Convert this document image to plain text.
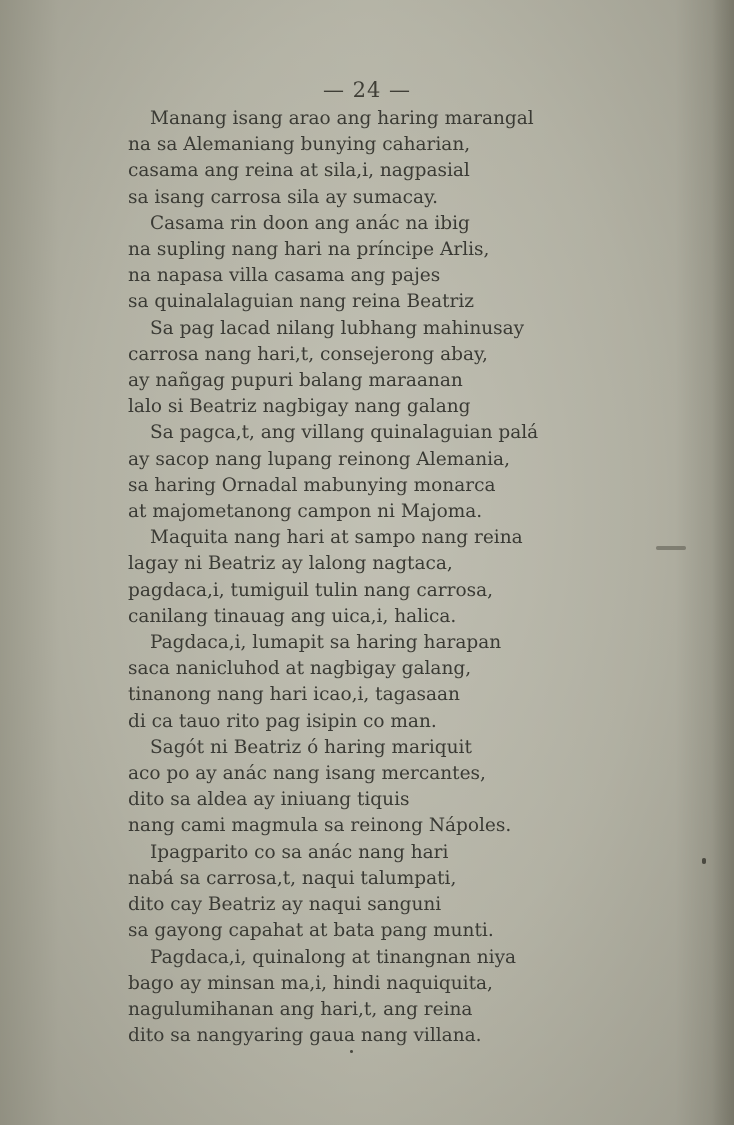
— 24 —
Manang isang arao ang haring marangal
na sa Alemaniang bunying caharian,
casama ang reina at sila,i, nagpasial
sa isang carrosa sila ay sumacay.
Casama rin doon ang anác na ibig
na supling nang hari na príncipe Arlis,
na napasa villa casama ang pajes
sa quinalalaguian nang reina Beatriz
Sa pag lacad nilang lubhang mahinusay
carrosa nang hari,t, consejerong abay,
ay nañgag pupuri balang maraanan
lalo si Beatriz nagbigay nang galang
Sa pagca,t, ang villang quinalaguian palá
ay sacop nang lupang reinong Alemania,
sa haring Ornadal mabunying monarca
at majometanong campon ni Majoma.
Maquita nang hari at sampo nang reina
lagay ni Beatriz ay lalong nagtaca,
pagdaca,i, tumiguil tulin nang carrosa,
canilang tinauag ang uica,i, halica.
Pagdaca,i, lumapit sa haring harapan
saca nanicluhod at nagbigay galang,
tinanong nang hari icao,i, tagasaan
di ca tauo rito pag isipin co man.
Sagót ni Beatriz ó haring mariquit
aco po ay anác nang isang mercantes,
dito sa aldea ay iniuang tiquis
nang cami magmula sa reinong Nápoles.
Ipagparito co sa anác nang hari
nabá sa carrosa,t, naqui talumpati,
dito cay Beatriz ay naqui sanguni
sa gayong capahat at bata pang munti.
Pagdaca,i, quinalong at tinangnan niya
bago ay minsan ma,i, hindi naquiquita,
nagulumihanan ang hari,t, ang reina
dito sa nangyaring gaua nang villana.
